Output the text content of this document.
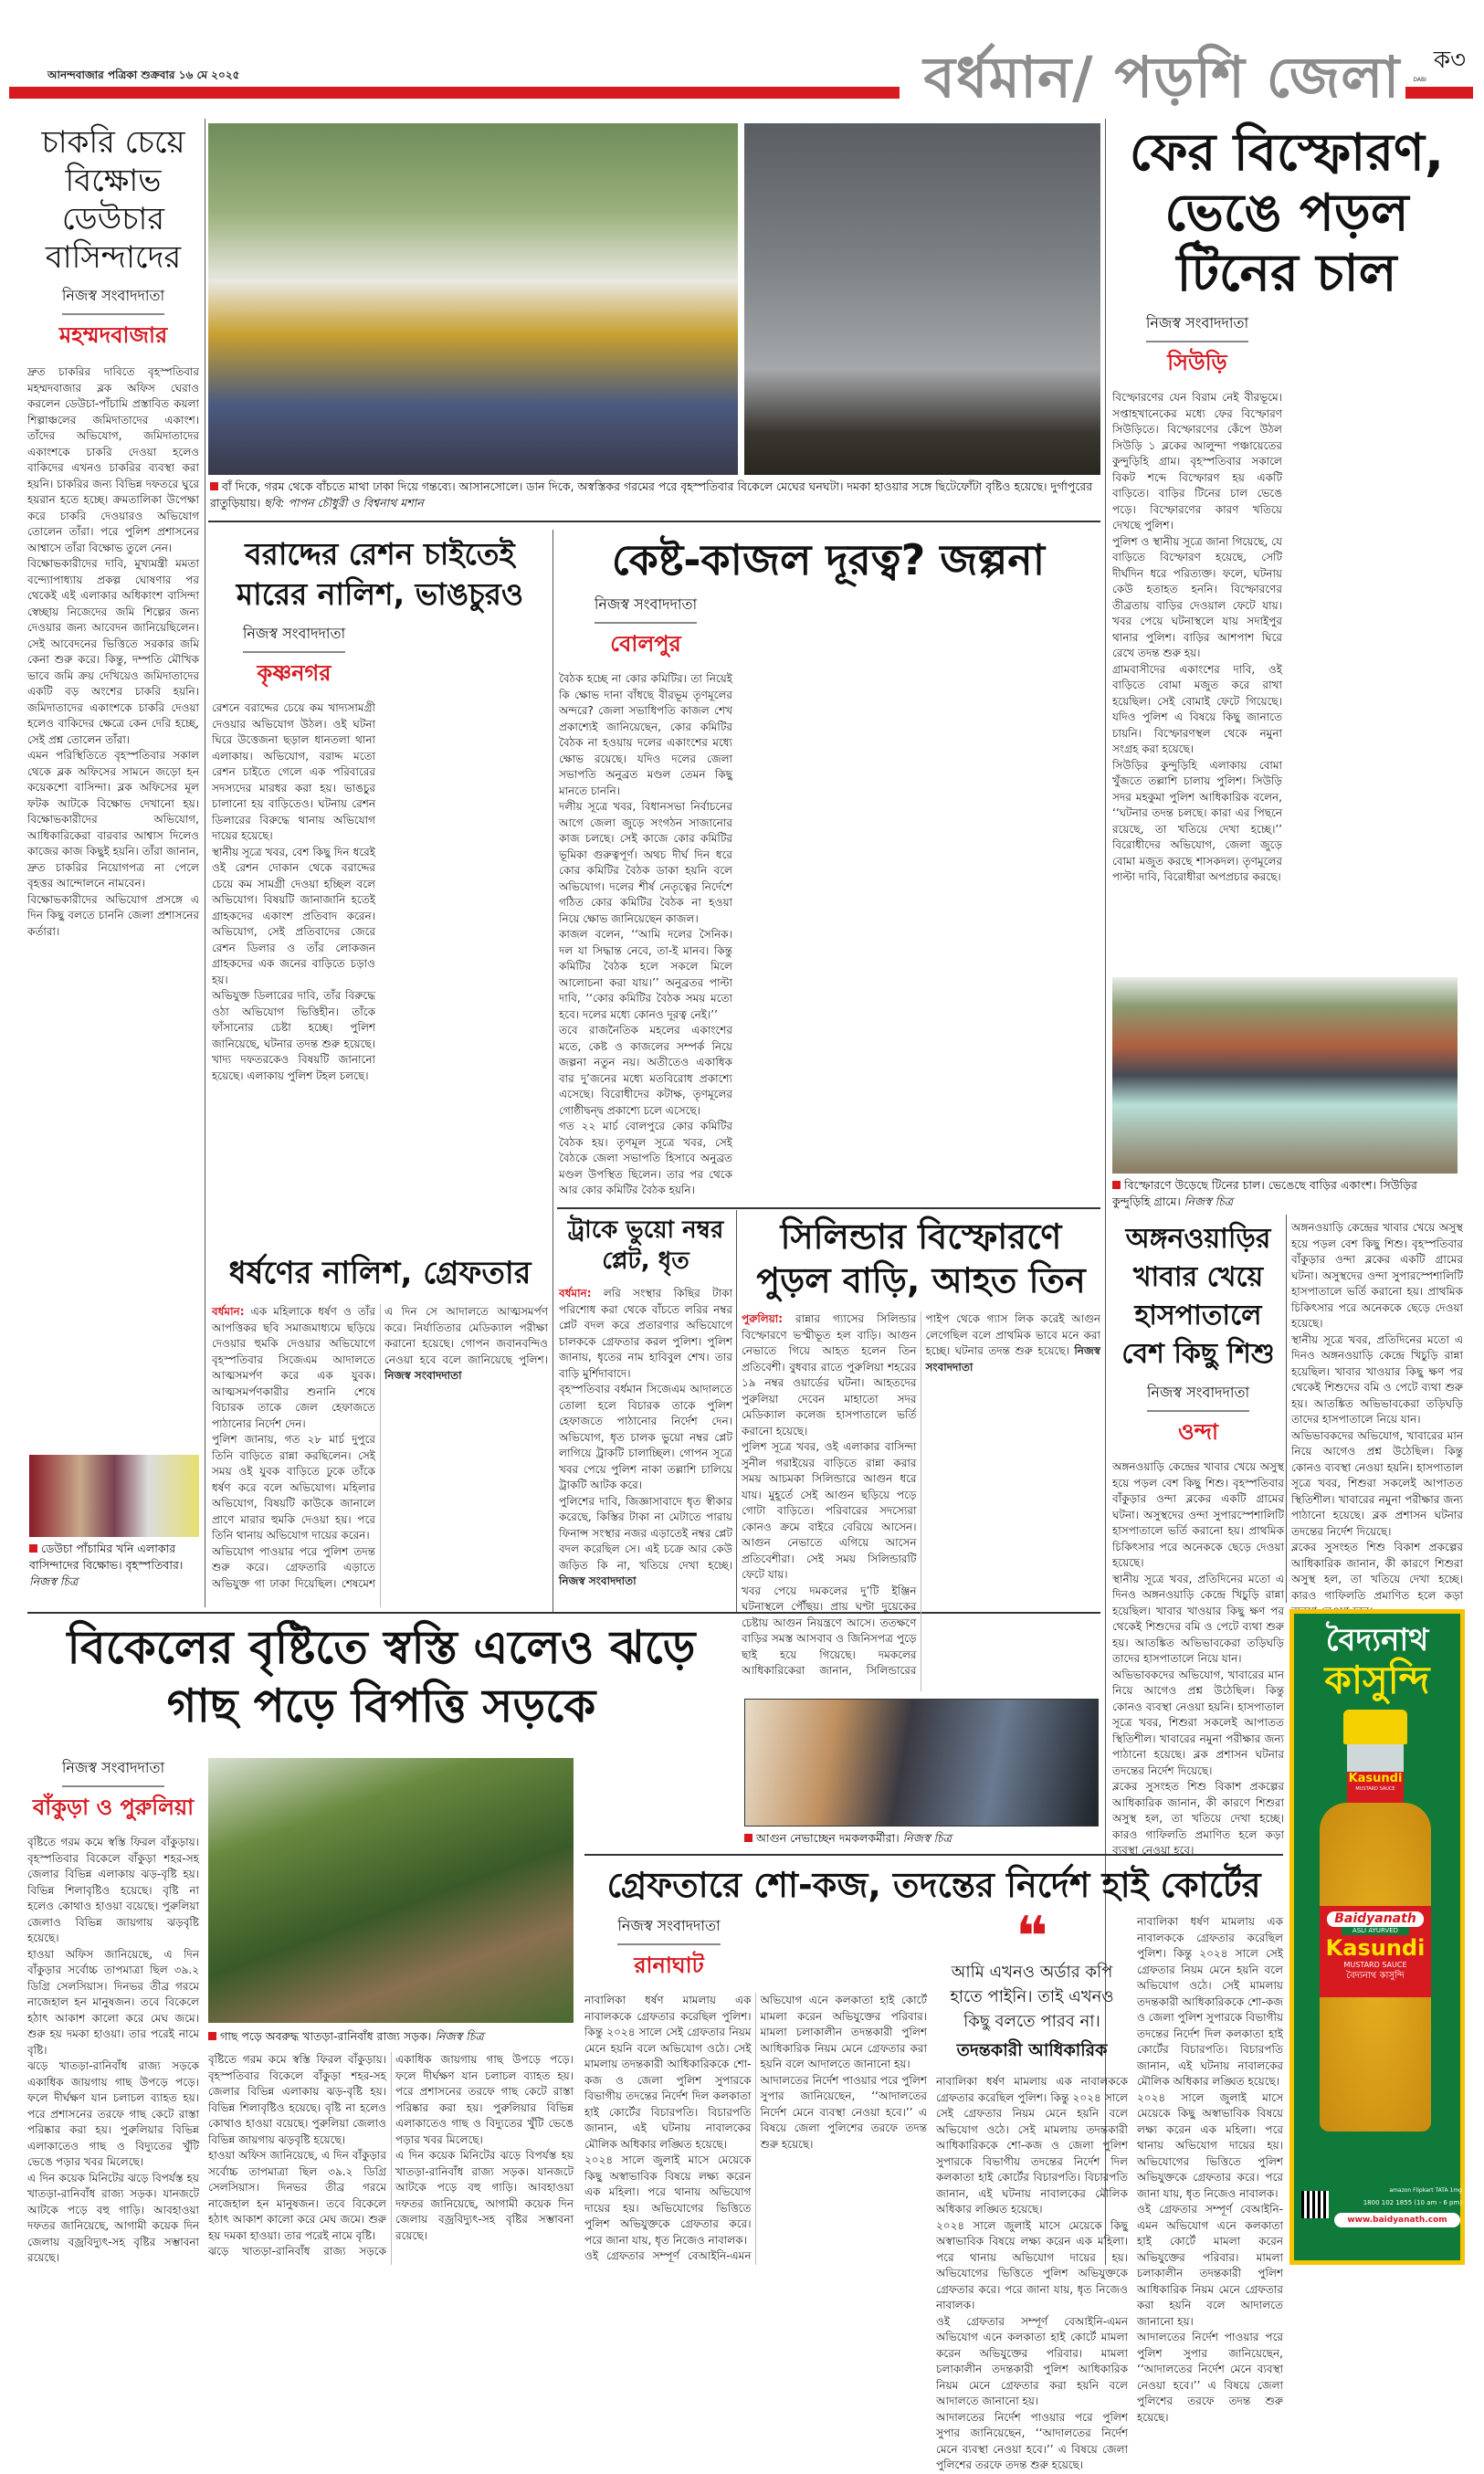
আনন্দবাজার পত্রিকা শুক্রবার ১৬ মে ২০২৫	বর্ধমান/ পড়শি জেলা	DABI
ক৩
চাকরি চেয়ে বিক্ষোভ ডেউচার বাসিন্দাদের
নিজস্ব সংবাদদাতা
মহম্মদবাজার
দ্রুত চাকরির দাবিতে বৃহস্পতিবার মহম্মদবাজার ব্লক অফিস ঘেরাও করলেন ডেউচা-পাঁচামি প্রস্তাবিত কয়লা শিল্পাঞ্চলের জমিদাতাদের একাংশ। তাঁদের অভিযোগ, জমিদাতাদের একাংশকে চাকরি দেওয়া হলেও বাকিদের এখনও চাকরির ব্যবস্থা করা হয়নি। চাকরির জন্য বিভিন্ন দফতরে ঘুরে হয়রান হতে হচ্ছে। ক্রমতালিকা উপেক্ষা করে চাকরি দেওয়ারও অভিযোগ তোলেন তাঁরা। পরে পুলিশ প্রশাসনের আশ্বাসে তাঁরা বিক্ষোভ তুলে নেন।
বিক্ষোভকারীদের দাবি, মুখ্যমন্ত্রী মমতা বন্দ্যোপাধ্যায় প্রকল্প ঘোষণার পর থেকেই এই এলাকার অধিকাংশ বাসিন্দা স্বেচ্ছায় নিজেদের জমি শিল্পের জন্য দেওয়ার জন্য আবেদন জানিয়েছিলেন। সেই আবেদনের ভিত্তিতে সরকার জমি কেনা শুরু করে। কিন্তু, দম্পতি মৌখিক ভাবে জমি ক্রয় দেখিয়েও জমিদাতাদের একটি বড় অংশের চাকরি হয়নি। জমিদাতাদের একাংশকে চাকরি দেওয়া হলেও বাকিদের ক্ষেত্রে কেন দেরি হচ্ছে, সেই প্রশ্ন তোলেন তাঁরা।
এমন পরিস্থিতিতে বৃহস্পতিবার সকাল থেকে ব্লক অফিসের সামনে জড়ো হন কয়েকশো বাসিন্দা। ব্লক অফিসের মূল ফটক আটকে বিক্ষোভ দেখানো হয়। বিক্ষোভকারীদের অভিযোগ, আধিকারিকেরা বারবার আশ্বাস দিলেও কাজের কাজ কিছুই হয়নি। তাঁরা জানান, দ্রুত চাকরির নিয়োগপত্র না পেলে বৃহত্তর আন্দোলনে নামবেন।
বিক্ষোভকারীদের অভিযোগ প্রসঙ্গে এ দিন কিছু বলতে চাননি জেলা প্রশাসনের কর্তারা।
ডেউচা পাঁচামির খনি এলাকার বাসিন্দাদের বিক্ষোভ। বৃহস্পতিবার। নিজস্ব চিত্র
বাঁ দিকে, গরম থেকে বাঁচতে মাথা ঢাকা দিয়ে গন্তব্যে। আসানসোলে। ডান দিকে, অস্বস্তিকর গরমের পরে বৃহস্পতিবার বিকেলে মেঘের ঘনঘটা। দমকা হাওয়ার সঙ্গে ছিটেফোঁটা বৃষ্টিও হয়েছে। দুর্গাপুরের রাতুড়িয়ায়। ছবি: পাপন চৌধুরী ও বিশ্বনাথ মশান
ফের বিস্ফোরণ, ভেঙে পড়ল টিনের চাল
নিজস্ব সংবাদদাতা
সিউড়ি
বিস্ফোরণের যেন বিরাম নেই বীরভূমে। সপ্তাহখানেকের মধ্যে ফের বিস্ফোরণ সিউড়িতে। বিস্ফোরণের কেঁপে উঠল সিউড়ি ১ ব্লকের আলুন্দা পঞ্চায়েতের কুন্দুড়িহি গ্রাম। বৃহস্পতিবার সকালে বিকট শব্দে বিস্ফোরণ হয় একটি বাড়িতে। বাড়ির টিনের চাল ভেঙে পড়ে। বিস্ফোরণের কারণ খতিয়ে দেখছে পুলিশ।
পুলিশ ও স্থানীয় সূত্রে জানা গিয়েছে, যে বাড়িতে বিস্ফোরণ হয়েছে, সেটি দীর্ঘদিন ধরে পরিত্যক্ত। ফলে, ঘটনায় কেউ হতাহত হননি। বিস্ফোরণের তীব্রতায় বাড়ির দেওয়াল ফেটে যায়। খবর পেয়ে ঘটনাস্থলে যায় সদাইপুর থানার পুলিশ। বাড়ির আশপাশ ঘিরে রেখে তদন্ত শুরু হয়।
গ্রামবাসীদের একাংশের দাবি, ওই বাড়িতে বোমা মজুত করে রাখা হয়েছিল। সেই বোমাই ফেটে গিয়েছে। যদিও পুলিশ এ বিষয়ে কিছু জানাতে চায়নি। বিস্ফোরণস্থল থেকে নমুনা সংগ্রহ করা হয়েছে।
সিউড়ির কুন্দুড়িহি এলাকায় বোমা খুঁজতে তল্লাশি চালায় পুলিশ। সিউড়ি সদর মহকুমা পুলিশ আধিকারিক বলেন, ‘‘ঘটনার তদন্ত চলছে। কারা এর পিছনে রয়েছে, তা খতিয়ে দেখা হচ্ছে।’’ বিরোধীদের অভিযোগ, জেলা জুড়ে বোমা মজুত করছে শাসকদল। তৃণমূলের পাল্টা দাবি, বিরোধীরা অপপ্রচার করছে।
বিস্ফোরণে উড়েছে টিনের চাল। ভেঙেছে বাড়ির একাংশ। সিউড়ির কুন্দুড়িহি গ্রামে। নিজস্ব চিত্র
বরাদ্দের রেশন চাইতেই মারের নালিশ, ভাঙচুরও
নিজস্ব সংবাদদাতা
কৃষ্ণনগর
রেশনে বরাদ্দের চেয়ে কম খাদ্যসামগ্রী দেওয়ার অভিযোগ উঠল। ওই ঘটনা ঘিরে উত্তেজনা ছড়াল ধানতলা থানা এলাকায়। অভিযোগ, বরাদ্দ মতো রেশন চাইতে গেলে এক পরিবারের সদস্যদের মারধর করা হয়। ভাঙচুর চালানো হয় বাড়িতেও। ঘটনায় রেশন ডিলারের বিরুদ্ধে থানায় অভিযোগ দায়ের হয়েছে।
স্থানীয় সূত্রে খবর, বেশ কিছু দিন ধরেই ওই রেশন দোকান থেকে বরাদ্দের চেয়ে কম সামগ্রী দেওয়া হচ্ছিল বলে অভিযোগ। বিষয়টি জানাজানি হতেই গ্রাহকদের একাংশ প্রতিবাদ করেন। অভিযোগ, সেই প্রতিবাদের জেরে রেশন ডিলার ও তাঁর লোকজন গ্রাহকদের এক জনের বাড়িতে চড়াও হয়।
অভিযুক্ত ডিলারের দাবি, তাঁর বিরুদ্ধে ওঠা অভিযোগ ভিত্তিহীন। তাঁকে ফাঁসানোর চেষ্টা হচ্ছে। পুলিশ জানিয়েছে, ঘটনার তদন্ত শুরু হয়েছে। খাদ্য দফতরকেও বিষয়টি জানানো হয়েছে। এলাকায় পুলিশ টহল চলছে।
কেষ্ট-কাজল দূরত্ব? জল্পনা
নিজস্ব সংবাদদাতা
বোলপুর
বৈঠক হচ্ছে না কোর কমিটির। তা নিয়েই কি ক্ষোভ দানা বাঁধছে বীরভূম তৃণমূলের অন্দরে? জেলা সভাধিপতি কাজল শেখ প্রকাশ্যেই জানিয়েছেন, কোর কমিটির বৈঠক না হওয়ায় দলের একাংশের মধ্যে ক্ষোভ রয়েছে। যদিও দলের জেলা সভাপতি অনুব্রত মণ্ডল তেমন কিছু মানতে চাননি।
দলীয় সূত্রে খবর, বিধানসভা নির্বাচনের আগে জেলা জুড়ে সংগঠন সাজানোর কাজ চলছে। সেই কাজে কোর কমিটির ভূমিকা গুরুত্বপূর্ণ। অথচ দীর্ঘ দিন ধরে কোর কমিটির বৈঠক ডাকা হয়নি বলে অভিযোগ। দলের শীর্ষ নেতৃত্বের নির্দেশে গঠিত কোর কমিটির বৈঠক না হওয়া নিয়ে ক্ষোভ জানিয়েছেন কাজল।
কাজল বলেন, ‘‘আমি দলের সৈনিক। দল যা সিদ্ধান্ত নেবে, তা-ই মানব। কিন্তু কমিটির বৈঠক হলে সকলে মিলে আলোচনা করা যায়।’’ অনুব্রতর পাল্টা দাবি, ‘‘কোর কমিটির বৈঠক সময় মতো হবে। দলের মধ্যে কোনও দূরত্ব নেই।’’
তবে রাজনৈতিক মহলের একাংশের মতে, কেষ্ট ও কাজলের সম্পর্ক নিয়ে জল্পনা নতুন নয়। অতীতেও একাধিক বার দু’জনের মধ্যে মতবিরোধ প্রকাশ্যে এসেছে। বিরোধীদের কটাক্ষ, তৃণমূলের গোষ্ঠীদ্বন্দ্ব প্রকাশ্যে চলে এসেছে।
গত ২২ মার্চ বোলপুরে কোর কমিটির বৈঠক হয়। তৃণমূল সূত্রে খবর, সেই বৈঠকে জেলা সভাপতি হিসাবে অনুব্রত মণ্ডল উপস্থিত ছিলেন। তার পর থেকে আর কোর কমিটির বৈঠক হয়নি।
ধর্ষণের নালিশ, গ্রেফতার
বর্ধমান: এক মহিলাকে ধর্ষণ ও তাঁর আপত্তিকর ছবি সমাজমাধ্যমে ছড়িয়ে দেওয়ার হুমকি দেওয়ার অভিযোগে বৃহস্পতিবার সিজেএম আদালতে আত্মসমর্পণ করে এক যুবক। আত্মসমর্পণকারীর শুনানি শেষে বিচারক তাকে জেল হেফাজতে পাঠানোর নির্দেশ দেন।
পুলিশ জানায়, গত ২৮ মার্চ দুপুরে তিনি বাড়িতে রান্না করছিলেন। সেই সময় ওই যুবক বাড়িতে ঢুকে তাঁকে ধর্ষণ করে বলে অভিযোগ। মহিলার অভিযোগ, বিষয়টি কাউকে জানালে প্রাণে মারার হুমকি দেওয়া হয়। পরে তিনি থানায় অভিযোগ দায়ের করেন।
অভিযোগ পাওয়ার পরে পুলিশ তদন্ত শুরু করে। গ্রেফতারি এড়াতে অভিযুক্ত গা ঢাকা দিয়েছিল। শেষমেশ এ দিন সে আদালতে আত্মসমর্পণ করে। নির্যাতিতার মেডিক্যাল পরীক্ষা করানো হয়েছে। গোপন জবানবন্দিও নেওয়া হবে বলে জানিয়েছে পুলিশ। নিজস্ব সংবাদদাতা
ট্রাকে ভুয়ো নম্বর প্লেট, ধৃত
বর্ধমান: লরি সংস্থার কিছির টাকা পরিশোধ করা থেকে বাঁচতে লরির নম্বর প্লেট বদল করে প্রতারণার অভিযোগে চালককে গ্রেফতার করল পুলিশ। পুলিশ জানায়, ধৃতের নাম হাবিবুল শেখ। তার বাড়ি মুর্শিদাবাদে।
বৃহস্পতিবার বর্ধমান সিজেএম আদালতে তোলা হলে বিচারক তাকে পুলিশ হেফাজতে পাঠানোর নির্দেশ দেন। অভিযোগ, ধৃত চালক ভুয়ো নম্বর প্লেট লাগিয়ে ট্রাকটি চালাচ্ছিল। গোপন সূত্রে খবর পেয়ে পুলিশ নাকা তল্লাশি চালিয়ে ট্রাকটি আটক করে।
পুলিশের দাবি, জিজ্ঞাসাবাদে ধৃত স্বীকার করেছে, কিস্তির টাকা না মেটাতে পারায় ফিনান্স সংস্থার নজর এড়াতেই নম্বর প্লেট বদল করেছিল সে। এই চক্রে আর কেউ জড়িত কি না, খতিয়ে দেখা হচ্ছে। নিজস্ব সংবাদদাতা
সিলিন্ডার বিস্ফোরণে পুড়ল বাড়ি, আহত তিন
পুরুলিয়া: রান্নার গ্যাসের সিলিন্ডার বিস্ফোরণে ভস্মীভূত হল বাড়ি। আগুন নেভাতে গিয়ে আহত হলেন তিন প্রতিবেশী। বুধবার রাতে পুরুলিয়া শহরের ১৯ নম্বর ওয়ার্ডের ঘটনা। আহতদের পুরুলিয়া দেবেন মাহাতো সদর মেডিক্যাল কলেজ হাসপাতালে ভর্তি করানো হয়েছে।
পুলিশ সূত্রে খবর, ওই এলাকার বাসিন্দা সুনীল গরাইয়ের বাড়িতে রান্না করার সময় আচমকা সিলিন্ডারে আগুন ধরে যায়। মুহূর্তে সেই আগুন ছড়িয়ে পড়ে গোটা বাড়িতে। পরিবারের সদস্যেরা কোনও ক্রমে বাইরে বেরিয়ে আসেন। আগুন নেভাতে এগিয়ে আসেন প্রতিবেশীরা। সেই সময় সিলিন্ডারটি ফেটে যায়।
খবর পেয়ে দমকলের দু’টি ইঞ্জিন ঘটনাস্থলে পৌঁছয়। প্রায় ঘণ্টা দুয়েকের চেষ্টায় আগুন নিয়ন্ত্রণে আসে। ততক্ষণে বাড়ির সমস্ত আসবাব ও জিনিসপত্র পুড়ে ছাই হয়ে গিয়েছে। দমকলের আধিকারিকেরা জানান, সিলিন্ডারের পাইপ থেকে গ্যাস লিক করেই আগুন লেগেছিল বলে প্রাথমিক ভাবে মনে করা হচ্ছে। ঘটনার তদন্ত শুরু হয়েছে। নিজস্ব সংবাদদাতা
আগুন নেভাচ্ছেন দমকলকর্মীরা। নিজস্ব চিত্র
অঙ্গনওয়াড়ির খাবার খেয়ে হাসপাতালে বেশ কিছু শিশু
নিজস্ব সংবাদদাতা
ওন্দা
অঙ্গনওয়াড়ি কেন্দ্রের খাবার খেয়ে অসুস্থ হয়ে পড়ল বেশ কিছু শিশু। বৃহস্পতিবার বাঁকুড়ার ওন্দা ব্লকের একটি গ্রামের ঘটনা। অসুস্থদের ওন্দা সুপারস্পেশালিটি হাসপাতালে ভর্তি করানো হয়। প্রাথমিক চিকিৎসার পরে অনেককে ছেড়ে দেওয়া হয়েছে।
স্থানীয় সূত্রে খবর, প্রতিদিনের মতো এ দিনও অঙ্গনওয়াড়ি কেন্দ্রে খিচুড়ি রান্না হয়েছিল। খাবার খাওয়ার কিছু ক্ষণ পর থেকেই শিশুদের বমি ও পেটে ব্যথা শুরু হয়। আতঙ্কিত অভিভাবকেরা তড়িঘড়ি তাদের হাসপাতালে নিয়ে যান।
অভিভাবকদের অভিযোগ, খাবারের মান নিয়ে আগেও প্রশ্ন উঠেছিল। কিন্তু কোনও ব্যবস্থা নেওয়া হয়নি। হাসপাতাল সূত্রে খবর, শিশুরা সকলেই আপাতত স্থিতিশীল। খাবারের নমুনা পরীক্ষার জন্য পাঠানো হয়েছে। ব্লক প্রশাসন ঘটনার তদন্তের নির্দেশ দিয়েছে।
ব্লকের সুসংহত শিশু বিকাশ প্রকল্পের আধিকারিক জানান, কী কারণে শিশুরা অসুস্থ হল, তা খতিয়ে দেখা হচ্ছে। কারও গাফিলতি প্রমাণিত হলে কড়া ব্যবস্থা নেওয়া হবে।
অঙ্গনওয়াড়ি কেন্দ্রের খাবার খেয়ে অসুস্থ হয়ে পড়ল বেশ কিছু শিশু। বৃহস্পতিবার বাঁকুড়ার ওন্দা ব্লকের একটি গ্রামের ঘটনা। অসুস্থদের ওন্দা সুপারস্পেশালিটি হাসপাতালে ভর্তি করানো হয়। প্রাথমিক চিকিৎসার পরে অনেককে ছেড়ে দেওয়া হয়েছে।
স্থানীয় সূত্রে খবর, প্রতিদিনের মতো এ দিনও অঙ্গনওয়াড়ি কেন্দ্রে খিচুড়ি রান্না হয়েছিল। খাবার খাওয়ার কিছু ক্ষণ পর থেকেই শিশুদের বমি ও পেটে ব্যথা শুরু হয়। আতঙ্কিত অভিভাবকেরা তড়িঘড়ি তাদের হাসপাতালে নিয়ে যান।
অভিভাবকদের অভিযোগ, খাবারের মান নিয়ে আগেও প্রশ্ন উঠেছিল। কিন্তু কোনও ব্যবস্থা নেওয়া হয়নি। হাসপাতাল সূত্রে খবর, শিশুরা সকলেই আপাতত স্থিতিশীল। খাবারের নমুনা পরীক্ষার জন্য পাঠানো হয়েছে। ব্লক প্রশাসন ঘটনার তদন্তের নির্দেশ দিয়েছে।
ব্লকের সুসংহত শিশু বিকাশ প্রকল্পের আধিকারিক জানান, কী কারণে শিশুরা অসুস্থ হল, তা খতিয়ে দেখা হচ্ছে। কারও গাফিলতি প্রমাণিত হলে কড়া
বিকেলের বৃষ্টিতে স্বস্তি এলেও ঝড়ে গাছ পড়ে বিপত্তি সড়কে
নিজস্ব সংবাদদাতা
বাঁকুড়া ও পুরুলিয়া
বৃষ্টিতে গরম কমে স্বস্তি ফিরল বাঁকুড়ায়। বৃহস্পতিবার বিকেলে বাঁকুড়া শহর-সহ জেলার বিভিন্ন এলাকায় ঝড়-বৃষ্টি হয়। বিভিন্ন শিলাবৃষ্টিও হয়েছে। বৃষ্টি না হলেও কোথাও হাওয়া বয়েছে। পুরুলিয়া জেলাও বিভিন্ন জায়গায় ঝড়বৃষ্টি হয়েছে।
হাওয়া অফিস জানিয়েছে, এ দিন বাঁকুড়ার সর্বোচ্চ তাপমাত্রা ছিল ৩৯.২ ডিগ্রি সেলসিয়াস। দিনভর তীব্র গরমে নাজেহাল হন মানুষজন। তবে বিকেলে হঠাৎ আকাশ কালো করে মেঘ জমে। শুরু হয় দমকা হাওয়া। তার পরেই নামে বৃষ্টি।
ঝড়ে খাতড়া-রানিবাঁধ রাজ্য সড়কে একাধিক জায়গায় গাছ উপড়ে পড়ে। ফলে দীর্ঘক্ষণ যান চলাচল ব্যাহত হয়। পরে প্রশাসনের তরফে গাছ কেটে রাস্তা পরিষ্কার করা হয়। পুরুলিয়ার বিভিন্ন এলাকাতেও গাছ ও বিদ্যুতের খুঁটি ভেঙে পড়ার খবর মিলেছে।
এ দিন কয়েক মিনিটের ঝড়ে বিপর্যস্ত হয় খাতড়া-রানিবাঁধ রাজ্য সড়ক। যানজটে আটকে পড়ে বহু গাড়ি। আবহাওয়া দফতর জানিয়েছে, আগামী কয়েক দিন জেলায় বজ্রবিদ্যুৎ-সহ বৃষ্টির সম্ভাবনা রয়েছে।
গাছ পড়ে অবরুদ্ধ খাতড়া-রানিবাঁধ রাজ্য সড়ক। নিজস্ব চিত্র
বৃষ্টিতে গরম কমে স্বস্তি ফিরল বাঁকুড়ায়। বৃহস্পতিবার বিকেলে বাঁকুড়া শহর-সহ জেলার বিভিন্ন এলাকায় ঝড়-বৃষ্টি হয়। বিভিন্ন শিলাবৃষ্টিও হয়েছে। বৃষ্টি না হলেও কোথাও হাওয়া বয়েছে। পুরুলিয়া জেলাও বিভিন্ন জায়গায় ঝড়বৃষ্টি হয়েছে।
হাওয়া অফিস জানিয়েছে, এ দিন বাঁকুড়ার সর্বোচ্চ তাপমাত্রা ছিল ৩৯.২ ডিগ্রি সেলসিয়াস। দিনভর তীব্র গরমে নাজেহাল হন মানুষজন। তবে বিকেলে হঠাৎ আকাশ কালো করে মেঘ জমে। শুরু হয় দমকা হাওয়া। তার পরেই নামে বৃষ্টি।
ঝড়ে খাতড়া-রানিবাঁধ রাজ্য সড়কে একাধিক জায়গায় গাছ উপড়ে পড়ে। ফলে দীর্ঘক্ষণ যান চলাচল ব্যাহত হয়। পরে প্রশাসনের তরফে গাছ কেটে রাস্তা পরিষ্কার করা হয়। পুরুলিয়ার বিভিন্ন এলাকাতেও গাছ ও বিদ্যুতের খুঁটি ভেঙে পড়ার খবর মিলেছে।
এ দিন কয়েক মিনিটের ঝড়ে বিপর্যস্ত হয় খাতড়া-রানিবাঁধ রাজ্য সড়ক। যানজটে আটকে পড়ে বহু গাড়ি। আবহাওয়া দফতর জানিয়েছে, আগামী কয়েক দিন জেলায় বজ্রবিদ্যুৎ-সহ বৃষ্টির সম্ভাবনা রয়েছে।
গ্রেফতারে শো-কজ, তদন্তের নির্দেশ হাই কোর্টের
নিজস্ব সংবাদদাতা
রানাঘাট
নাবালিকা ধর্ষণ মামলায় এক নাবালককে গ্রেফতার করেছিল পুলিশ। কিন্তু ২০২৪ সালে সেই গ্রেফতার নিয়ম মেনে হয়নি বলে অভিযোগ ওঠে। সেই মামলায় তদন্তকারী আধিকারিককে শো-কজ ও জেলা পুলিশ সুপারকে বিভাগীয় তদন্তের নির্দেশ দিল কলকাতা হাই কোর্টের বিচারপতি। বিচারপতি জানান, এই ঘটনায় নাবালকের মৌলিক অধিকার লঙ্ঘিত হয়েছে।
২০২৪ সালে জুলাই মাসে মেয়েকে কিছু অস্বাভাবিক বিষয়ে লক্ষ্য করেন এক মহিলা। পরে থানায় অভিযোগ দায়ের হয়। অভিযোগের ভিত্তিতে পুলিশ অভিযুক্তকে গ্রেফতার করে। পরে জানা যায়, ধৃত নিজেও নাবালক।
ওই গ্রেফতার সম্পূর্ণ বেআইনি-এমন অভিযোগ এনে কলকাতা হাই কোর্টে মামলা করেন অভিযুক্তের পরিবার। মামলা চলাকালীন তদন্তকারী পুলিশ আধিকারিক নিয়ম মেনে গ্রেফতার করা হয়নি বলে আদালতে জানানো হয়।
আদালতের নির্দেশ পাওয়ার পরে পুলিশ সুপার জানিয়েছেন, ‘‘আদালতের নির্দেশ মেনে ব্যবস্থা নেওয়া হবে।’’ এ বিষয়ে জেলা পুলিশের তরফে তদন্ত শুরু হয়েছে।
❝
আমি এখনও অর্ডার কপি হাতে পাইনি। তাই এখনও কিছু বলতে পারব না।
তদন্তকারী আধিকারিক
নাবালিকা ধর্ষণ মামলায় এক নাবালককে গ্রেফতার করেছিল পুলিশ। কিন্তু ২০২৪ সালে সেই গ্রেফতার নিয়ম মেনে হয়নি বলে অভিযোগ ওঠে। সেই মামলায় তদন্তকারী আধিকারিককে শো-কজ ও জেলা পুলিশ সুপারকে বিভাগীয় তদন্তের নির্দেশ দিল কলকাতা হাই কোর্টের বিচারপতি। বিচারপতি জানান, এই ঘটনায় নাবালকের মৌলিক অধিকার লঙ্ঘিত হয়েছে।
২০২৪ সালে জুলাই মাসে মেয়েকে কিছু অস্বাভাবিক বিষয়ে লক্ষ্য করেন এক মহিলা। পরে থানায় অভিযোগ দায়ের হয়। অভিযোগের ভিত্তিতে পুলিশ অভিযুক্তকে গ্রেফতার করে। পরে জানা যায়, ধৃত নিজেও নাবালক।
ওই গ্রেফতার সম্পূর্ণ বেআইনি-এমন অভিযোগ এনে কলকাতা হাই কোর্টে মামলা করেন অভিযুক্তের পরিবার। মামলা চলাকালীন তদন্তকারী পুলিশ আধিকারিক নিয়ম মেনে গ্রেফতার করা হয়নি বলে আদালতে জানানো হয়।
আদালতের নির্দেশ পাওয়ার পরে পুলিশ সুপার জানিয়েছেন, ‘‘আদালতের নির্দেশ মেনে ব্যবস্থা নেওয়া হবে।’’ এ বিষয়ে জেলা পুলিশের তরফে তদন্ত শুরু হয়েছে।
নাবালিকা ধর্ষণ মামলায় এক নাবালককে গ্রেফতার করেছিল পুলিশ। কিন্তু ২০২৪ সালে সেই গ্রেফতার নিয়ম মেনে হয়নি বলে অভিযোগ ওঠে। সেই মামলায় তদন্তকারী আধিকারিককে শো-কজ ও জেলা পুলিশ সুপারকে বিভাগীয় তদন্তের নির্দেশ দিল কলকাতা হাই কোর্টের বিচারপতি। বিচারপতি জানান, এই ঘটনায় নাবালকের মৌলিক অধিকার লঙ্ঘিত হয়েছে।
২০২৪ সালে জুলাই মাসে মেয়েকে কিছু অস্বাভাবিক বিষয়ে লক্ষ্য করেন এক মহিলা। পরে থানায় অভিযোগ দায়ের হয়। অভিযোগের ভিত্তিতে পুলিশ অভিযুক্তকে গ্রেফতার করে। পরে জানা যায়, ধৃত নিজেও নাবালক।
ওই গ্রেফতার সম্পূর্ণ বেআইনি-এমন অভিযোগ এনে কলকাতা হাই কোর্টে মামলা করেন অভিযুক্তের পরিবার। মামলা চলাকালীন তদন্তকারী পুলিশ আধিকারিক নিয়ম মেনে গ্রেফতার করা হয়নি বলে আদালতে জানানো হয়।
আদালতের নির্দেশ পাওয়ার পরে পুলিশ সুপার জানিয়েছেন, ‘‘আদালতের নির্দেশ মেনে ব্যবস্থা নেওয়া হবে।’’ এ বিষয়ে জেলা পুলিশের তরফে তদন্ত শুরু হয়েছে।
বৈদ্যনাথ
কাসুন্দি
Kasundi
MUSTARD SAUCE
Baidyanath
ASLI AYURVED
Kasundi
MUSTARD SAUCE
বৈদ্যনাথ কাসুন্দি
amazon Flipkart TATA 1mg
1800 102 1855 (10 am - 6 pm)
www.baidyanath.com
